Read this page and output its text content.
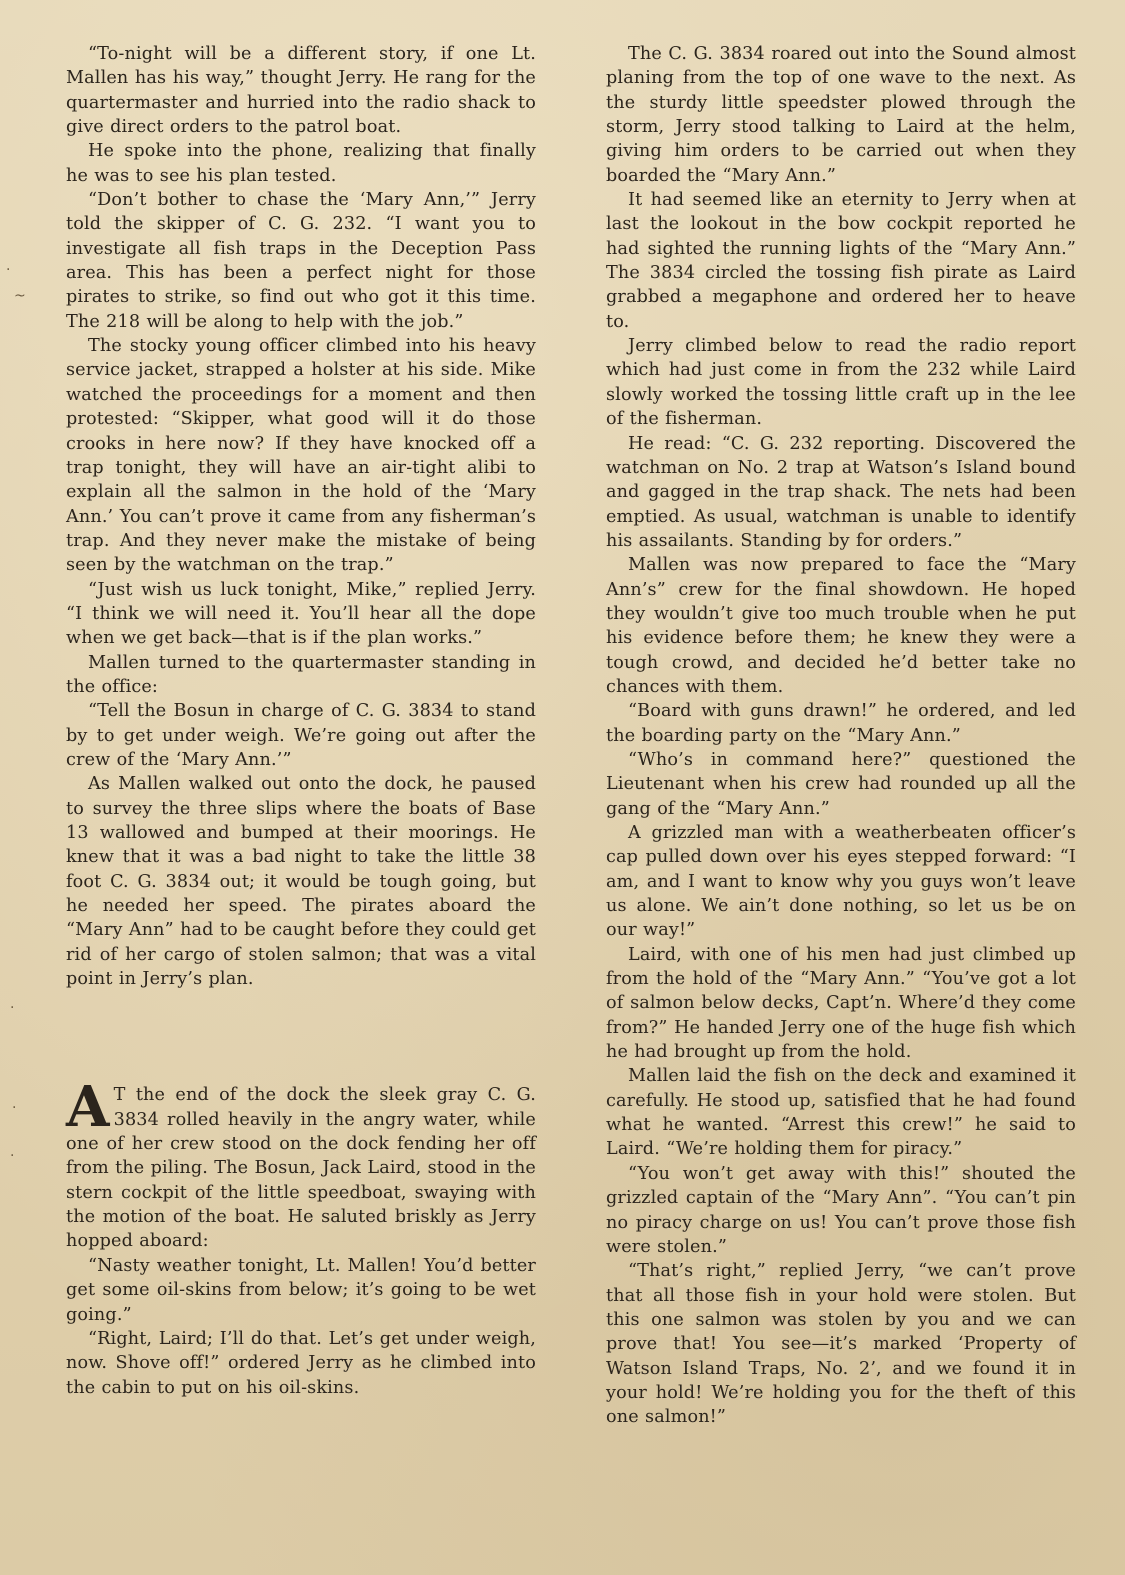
·
~
·
·
·

“To-night will be a different story, if one Lt. Mallen has his way,” thought Jerry. He rang for the quartermaster and hurried into the radio shack to give direct orders to the patrol boat.

He spoke into the phone, realizing that finally he was to see his plan tested.

“Don’t bother to chase the ‘Mary Ann,’” Jerry told the skipper of C. G. 232. “I want you to investigate all fish traps in the Deception Pass area. This has been a perfect night for those pirates to strike, so find out who got it this time. The 218 will be along to help with the job.”

The stocky young officer climbed into his heavy service jacket, strapped a holster at his side. Mike watched the proceedings for a moment and then protested: “Skipper, what good will it do those crooks in here now? If they have knocked off a trap tonight, they will have an air-tight alibi to explain all the salmon in the hold of the ‘Mary Ann.’ You can’t prove it came from any fisherman’s trap. And they never make the mistake of being seen by the watchman on the trap.”

“Just wish us luck tonight, Mike,” replied Jerry. “I think we will need it. You’ll hear all the dope when we get back—that is if the plan works.”

Mallen turned to the quartermaster standing in the office:

“Tell the Bosun in charge of C. G. 3834 to stand by to get under weigh. We’re going out after the crew of the ‘Mary Ann.’”

As Mallen walked out onto the dock, he paused to survey the three slips where the boats of Base 13 wallowed and bumped at their moorings. He knew that it was a bad night to take the little 38 foot C. G. 3834 out; it would be tough going, but he needed her speed. The pirates aboard the “Mary Ann” had to be caught before they could get rid of her cargo of stolen salmon; that was a vital point in Jerry’s plan.

A T the end of the dock the sleek gray C. G. 3834 rolled heavily in the angry water, while one of her crew stood on the dock fending her off from the piling. The Bosun, Jack Laird, stood in the stern cockpit of the little speedboat, swaying with the motion of the boat. He saluted briskly as Jerry hopped aboard:

“Nasty weather tonight, Lt. Mallen! You’d better get some oil-skins from below; it’s going to be wet going.”

“Right, Laird; I’ll do that. Let’s get under weigh, now. Shove off!” ordered Jerry as he climbed into the cabin to put on his oil-skins.

The C. G. 3834 roared out into the Sound almost planing from the top of one wave to the next. As the sturdy little speedster plowed through the storm, Jerry stood talking to Laird at the helm, giving him orders to be carried out when they boarded the “Mary Ann.”

It had seemed like an eternity to Jerry when at last the lookout in the bow cockpit reported he had sighted the running lights of the “Mary Ann.” The 3834 circled the tossing fish pirate as Laird grabbed a megaphone and ordered her to heave to.

Jerry climbed below to read the radio report which had just come in from the 232 while Laird slowly worked the tossing little craft up in the lee of the fisherman.

He read: “C. G. 232 reporting. Discovered the watchman on No. 2 trap at Watson’s Island bound and gagged in the trap shack. The nets had been emptied. As usual, watchman is unable to identify his assailants. Standing by for orders.”

Mallen was now prepared to face the “Mary Ann’s” crew for the final showdown. He hoped they wouldn’t give too much trouble when he put his evidence before them; he knew they were a tough crowd, and decided he’d better take no chances with them.

“Board with guns drawn!” he ordered, and led the boarding party on the “Mary Ann.”

“Who’s in command here?” questioned the Lieutenant when his crew had rounded up all the gang of the “Mary Ann.”

A grizzled man with a weatherbeaten officer’s cap pulled down over his eyes stepped forward: “I am, and I want to know why you guys won’t leave us alone. We ain’t done nothing, so let us be on our way!”

Laird, with one of his men had just climbed up from the hold of the “Mary Ann.” “You’ve got a lot of salmon below decks, Capt’n. Where’d they come from?” He handed Jerry one of the huge fish which he had brought up from the hold.

Mallen laid the fish on the deck and examined it carefully. He stood up, satisfied that he had found what he wanted. “Arrest this crew!” he said to Laird. “We’re holding them for piracy.”

“You won’t get away with this!” shouted the grizzled captain of the “Mary Ann”. “You can’t pin no piracy charge on us! You can’t prove those fish were stolen.”

“That’s right,” replied Jerry, “we can’t prove that all those fish in your hold were stolen. But this one salmon was stolen by you and we can prove that! You see—it’s marked ‘Property of Watson Island Traps, No. 2’, and we found it in your hold! We’re holding you for the theft of this one salmon!”
